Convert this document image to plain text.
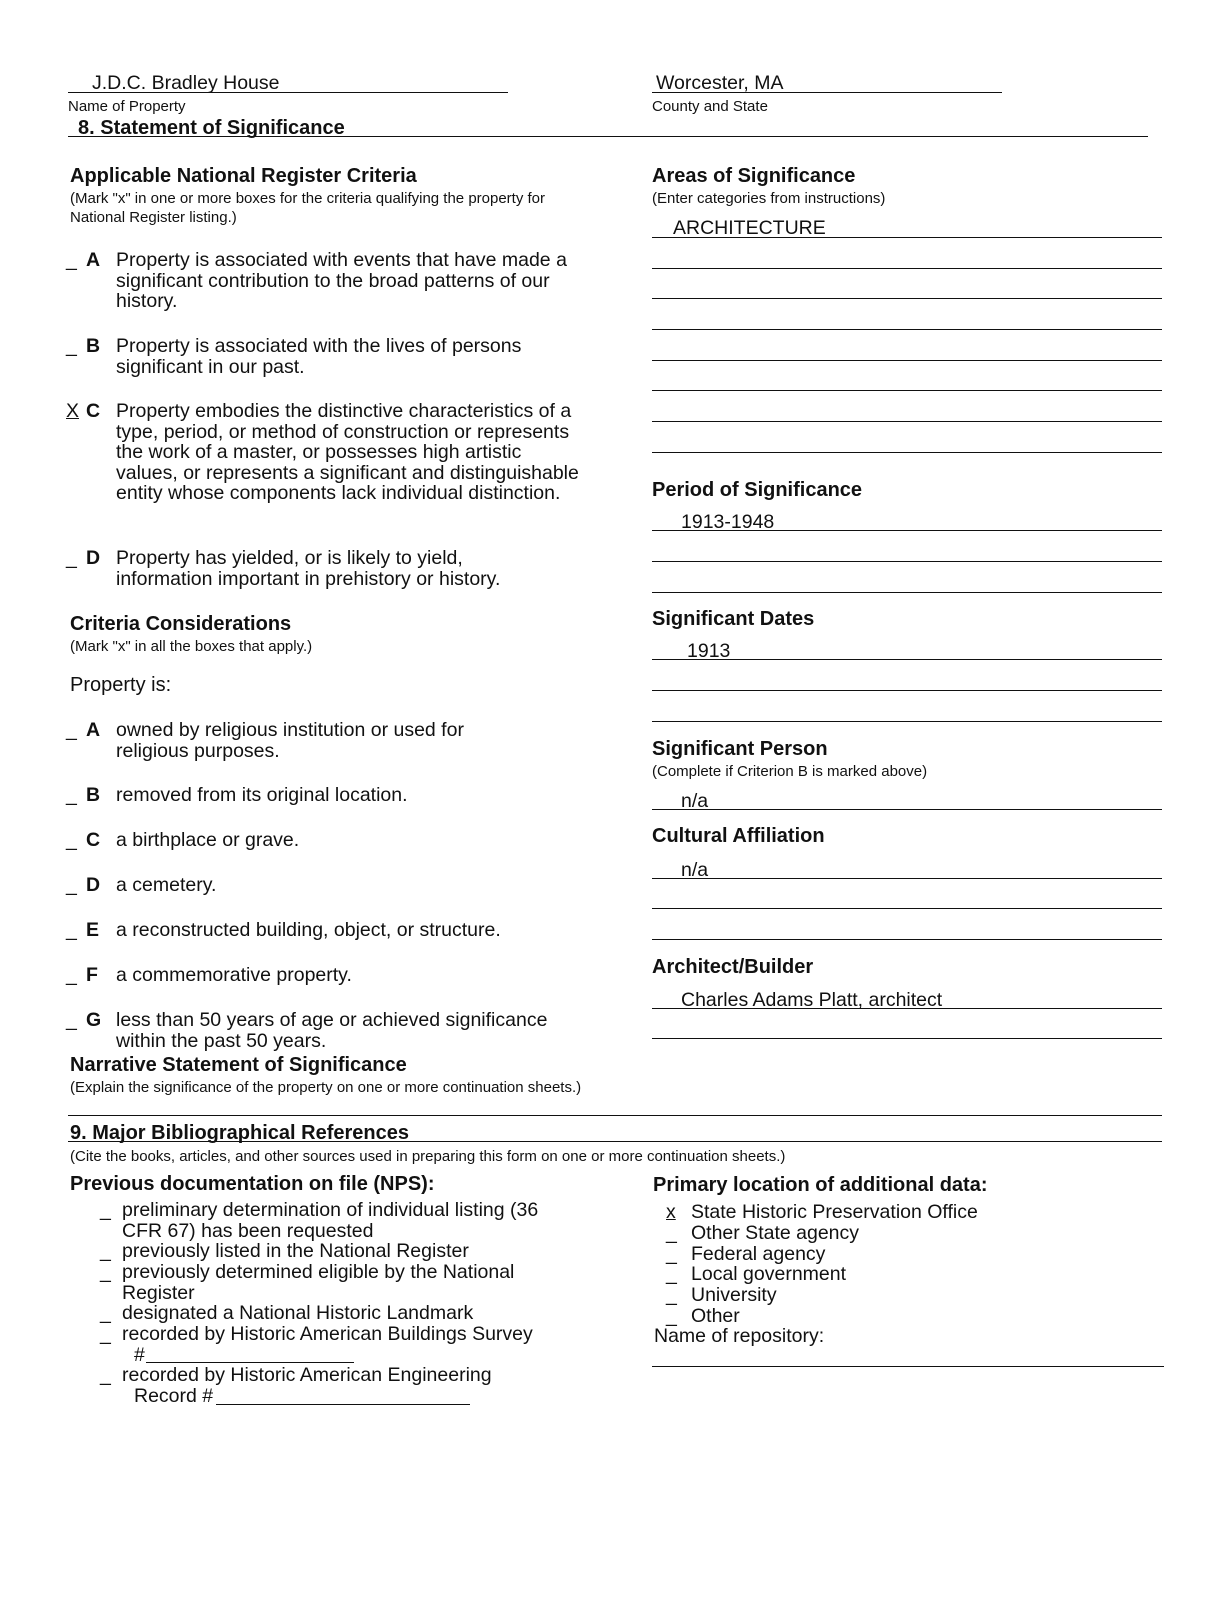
J.D.C. Bradley House
Name of Property
Worcester, MA
County and State
8. Statement of Significance
Applicable National Register Criteria
(Mark "x" in one or more boxes for the criteria qualifying the property for National Register listing.)
_ A Property is associated with events that have made a significant contribution to the broad patterns of our history.
_ B Property is associated with the lives of persons significant in our past.
X C Property embodies the distinctive characteristics of a type, period, or method of construction or represents the work of a master, or possesses high artistic values, or represents a significant and distinguishable entity whose components lack individual distinction.
_ D Property has yielded, or is likely to yield, information important in prehistory or history.
Criteria Considerations
(Mark "x" in all the boxes that apply.)
Property is:
_ A owned by religious institution or used for religious purposes.
_ B removed from its original location.
_ C a birthplace or grave.
_ D a cemetery.
_ E a reconstructed building, object, or structure.
_ F a commemorative property.
_ G less than 50 years of age or achieved significance within the past 50 years.
Narrative Statement of Significance
(Explain the significance of the property on one or more continuation sheets.)
Areas of Significance
(Enter categories from instructions)
ARCHITECTURE
Period of Significance
1913-1948
Significant Dates
1913
Significant Person
(Complete if Criterion B is marked above)
n/a
Cultural Affiliation
n/a
Architect/Builder
Charles Adams Platt, architect
9. Major Bibliographical References
(Cite the books, articles, and other sources used in preparing this form on one or more continuation sheets.)
Previous documentation on file (NPS):
_ preliminary determination of individual listing (36 CFR 67) has been requested
_ previously listed in the National Register
_ previously determined eligible by the National Register
_ designated a National Historic Landmark
_ recorded by Historic American Buildings Survey
#
_ recorded by Historic American Engineering
Record #
Primary location of additional data:
x State Historic Preservation Office
_ Other State agency
_ Federal agency
_ Local government
_ University
_ Other
Name of repository:
